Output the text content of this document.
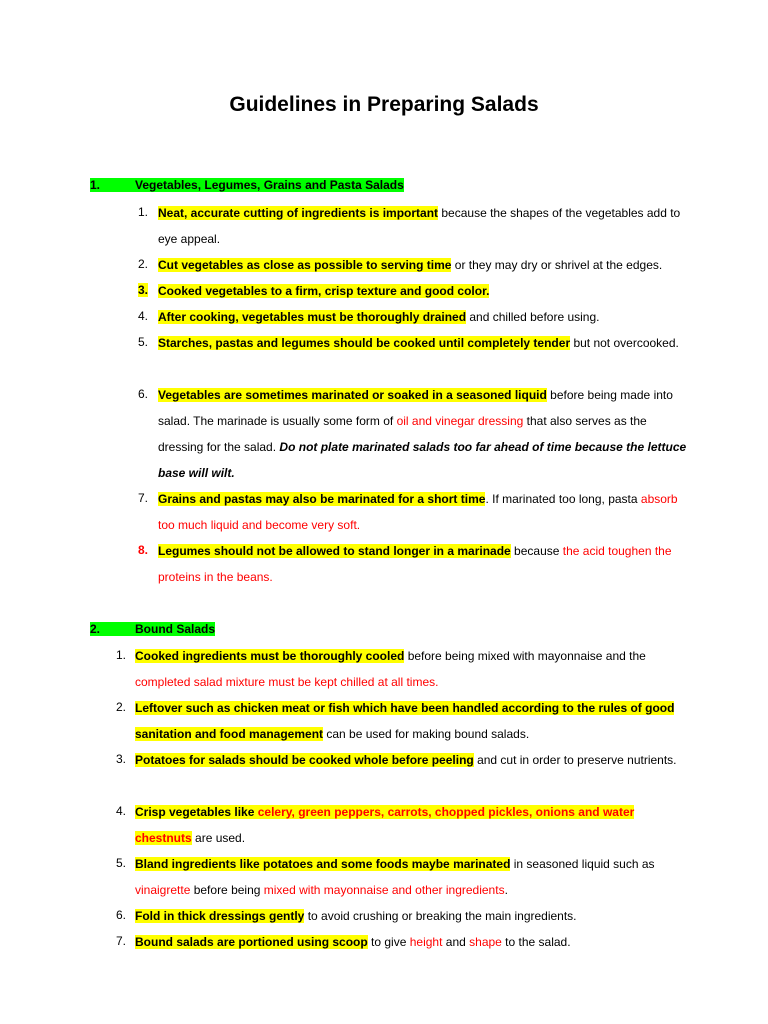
Guidelines in Preparing Salads
1.	Vegetables, Legumes, Grains and Pasta Salads
1. Neat, accurate cutting of ingredients is important because the shapes of the vegetables add to eye appeal.

2. Cut vegetables as close as possible to serving time or they may dry or shrivel at the edges.

3. Cooked vegetables to a firm, crisp texture and good color.

4. After cooking, vegetables must be thoroughly drained and chilled before using.

5. Starches, pastas and legumes should be cooked until completely tender but not overcooked.

6. Vegetables are sometimes marinated or soaked in a seasoned liquid before being made into salad. The marinade is usually some form of oil and vinegar dressing that also serves as the dressing for the salad. Do not plate marinated salads too far ahead of time because the lettuce base will wilt.

7. Grains and pastas may also be marinated for a short time. If marinated too long, pasta absorb too much liquid and become very soft.

8. Legumes should not be allowed to stand longer in a marinade because the acid toughen the proteins in the beans.

2.	Bound Salads
1. Cooked ingredients must be thoroughly cooled before being mixed with mayonnaise and the completed salad mixture must be kept chilled at all times.

2. Leftover such as chicken meat or fish which have been handled according to the rules of good sanitation and food management can be used for making bound salads.

3. Potatoes for salads should be cooked whole before peeling and cut in order to preserve nutrients.

4. Crisp vegetables like celery, green peppers, carrots, chopped pickles, onions and water chestnuts are used.

5. Bland ingredients like potatoes and some foods maybe marinated in seasoned liquid such as vinaigrette before being mixed with mayonnaise and other ingredients.

6. Fold in thick dressings gently to avoid crushing or breaking the main ingredients.

7. Bound salads are portioned using scoop to give height and shape to the salad.
